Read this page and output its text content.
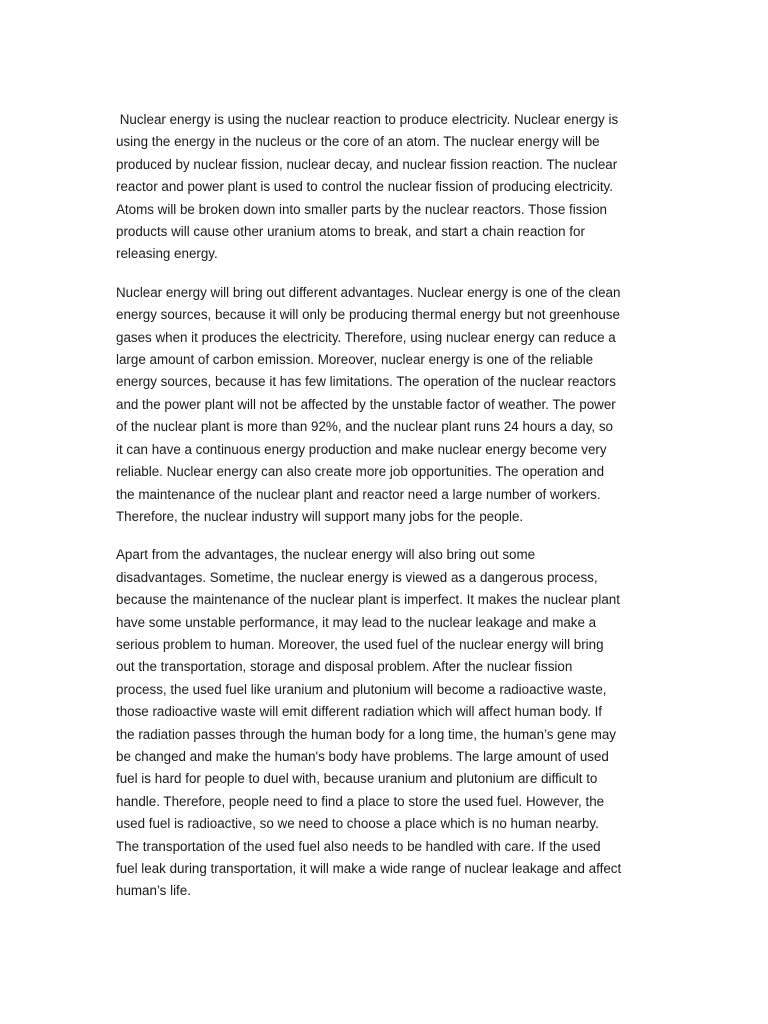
Nuclear energy is using the nuclear reaction to produce electricity. Nuclear energy is
using the energy in the nucleus or the core of an atom. The nuclear energy will be
produced by nuclear fission, nuclear decay, and nuclear fission reaction. The nuclear
reactor and power plant is used to control the nuclear fission of producing electricity.
Atoms will be broken down into smaller parts by the nuclear reactors. Those fission
products will cause other uranium atoms to break, and start a chain reaction for
releasing energy.
Nuclear energy will bring out different advantages. Nuclear energy is one of the clean
energy sources, because it will only be producing thermal energy but not greenhouse
gases when it produces the electricity. Therefore, using nuclear energy can reduce a
large amount of carbon emission. Moreover, nuclear energy is one of the reliable
energy sources, because it has few limitations. The operation of the nuclear reactors
and the power plant will not be affected by the unstable factor of weather. The power
of the nuclear plant is more than 92%, and the nuclear plant runs 24 hours a day, so
it can have a continuous energy production and make nuclear energy become very
reliable. Nuclear energy can also create more job opportunities. The operation and
the maintenance of the nuclear plant and reactor need a large number of workers.
Therefore, the nuclear industry will support many jobs for the people.
Apart from the advantages, the nuclear energy will also bring out some
disadvantages. Sometime, the nuclear energy is viewed as a dangerous process,
because the maintenance of the nuclear plant is imperfect. It makes the nuclear plant
have some unstable performance, it may lead to the nuclear leakage and make a
serious problem to human. Moreover, the used fuel of the nuclear energy will bring
out the transportation, storage and disposal problem. After the nuclear fission
process, the used fuel like uranium and plutonium will become a radioactive waste,
those radioactive waste will emit different radiation which will affect human body. If
the radiation passes through the human body for a long time, the human’s gene may
be changed and make the human's body have problems. The large amount of used
fuel is hard for people to duel with, because uranium and plutonium are difficult to
handle. Therefore, people need to find a place to store the used fuel. However, the
used fuel is radioactive, so we need to choose a place which is no human nearby.
The transportation of the used fuel also needs to be handled with care. If the used
fuel leak during transportation, it will make a wide range of nuclear leakage and affect
human’s life.
